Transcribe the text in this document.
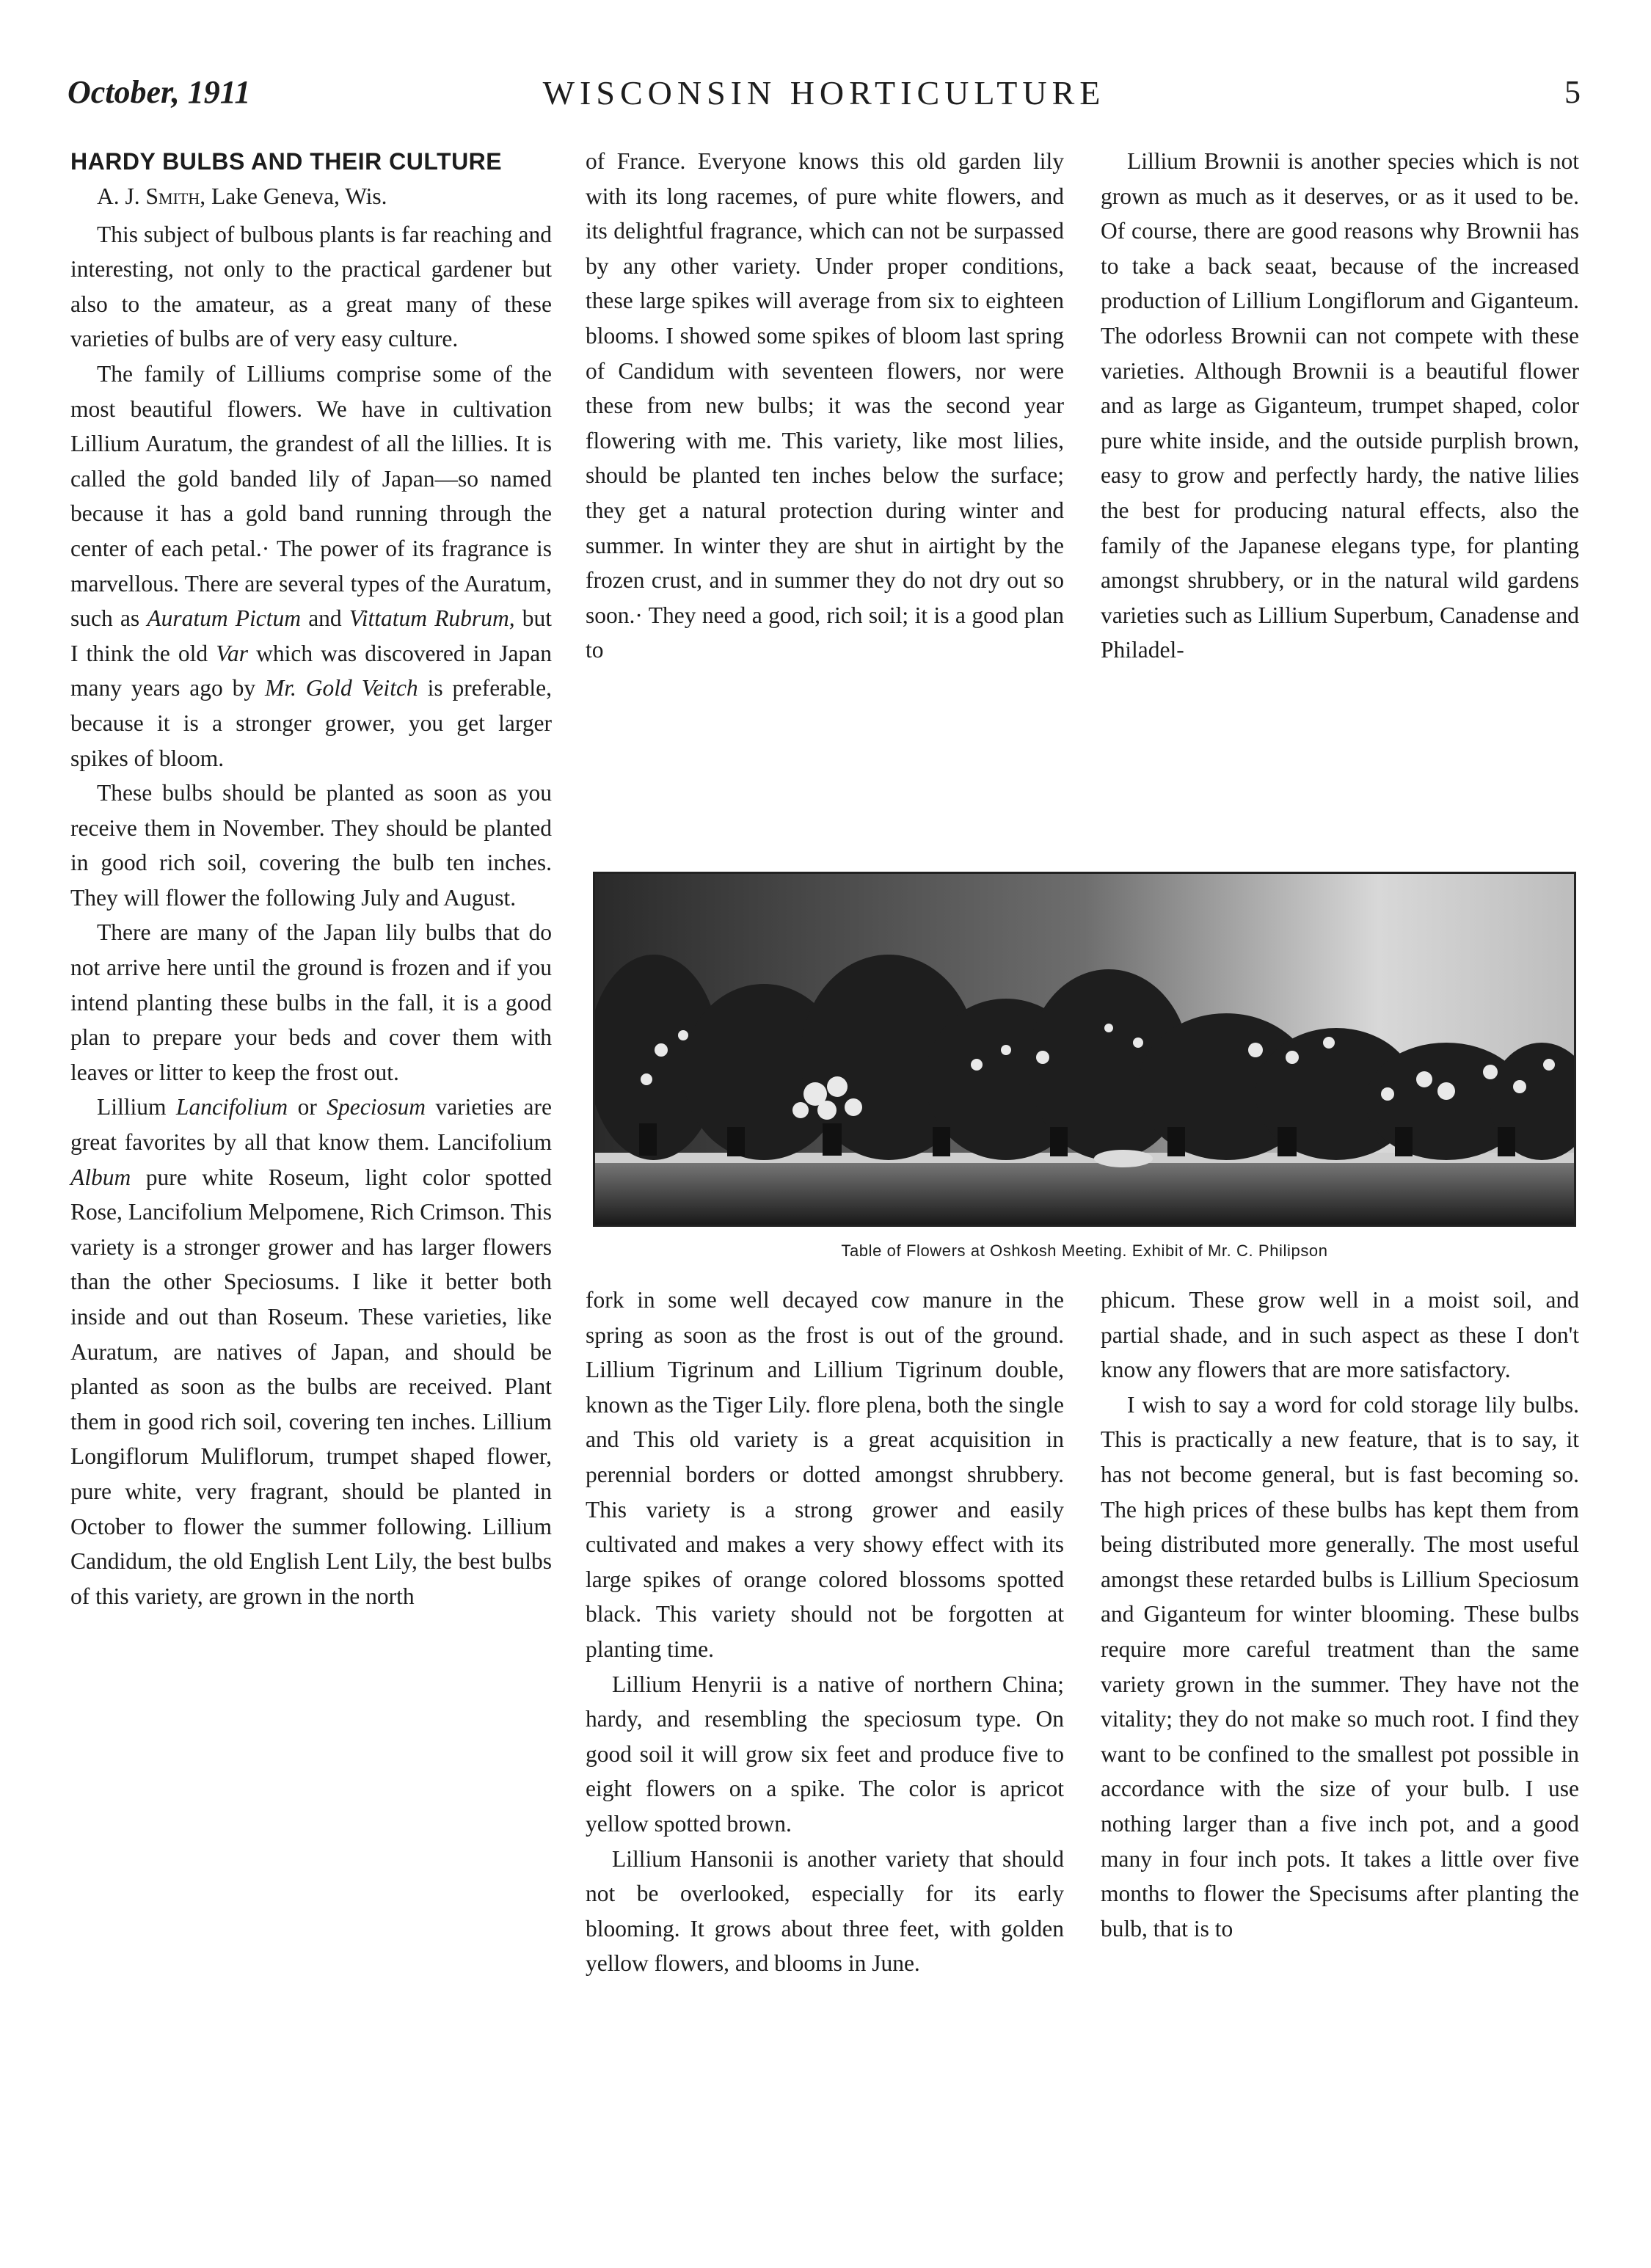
October, 1911	WISCONSIN HORTICULTURE	5
HARDY BULBS AND THEIR CULTURE

A. J. Smith, Lake Geneva, Wis.

This subject of bulbous plants is far reaching and interesting, not only to the practical gardener but also to the amateur, as a great many of these varieties of bulbs are of very easy culture.

The family of Lilliums comprise some of the most beautiful flowers. We have in cultivation Lillium Auratum, the grandest of all the lillies. It is called the gold banded lily of Japan—so named because it has a gold band running through the center of each petal.· The power of its fragrance is marvellous. There are several types of the Auratum, such as Auratum Pictum and Vittatum Rubrum, but I think the old Var which was discovered in Japan many years ago by Mr. Gold Veitch is preferable, because it is a stronger grower, you get larger spikes of bloom.

These bulbs should be planted as soon as you receive them in November. They should be planted in good rich soil, covering the bulb ten inches. They will flower the following July and August.

There are many of the Japan lily bulbs that do not arrive here until the ground is frozen and if you intend planting these bulbs in the fall, it is a good plan to prepare your beds and cover them with leaves or litter to keep the frost out.

Lillium Lancifolium or Speciosum varieties are great favorites by all that know them. Lancifolium Album pure white Roseum, light color spotted Rose, Lancifolium Melpomene, Rich Crimson. This variety is a stronger grower and has larger flowers than the other Speciosums. I like it better both inside and out than Roseum. These varieties, like Auratum, are natives of Japan, and should be planted as soon as the bulbs are received. Plant them in good rich soil, covering ten inches. Lillium Longiflorum Muliflorum, trumpet shaped flower, pure white, very fragrant, should be planted in October to flower the summer following. Lillium Candidum, the old English Lent Lily, the best bulbs of this variety, are grown in the north

of France. Everyone knows this old garden lily with its long racemes, of pure white flowers, and its delightful fragrance, which can not be surpassed by any other variety. Under proper conditions, these large spikes will average from six to eighteen blooms. I showed some spikes of bloom last spring of Candidum with seventeen flowers, nor were these from new bulbs; it was the second year flowering with me. This variety, like most lilies, should be planted ten inches below the surface; they get a natural protection during winter and summer. In winter they are shut in airtight by the frozen crust, and in summer they do not dry out so soon.· They need a good, rich soil; it is a good plan to

Lillium Brownii is another species which is not grown as much as it deserves, or as it used to be. Of course, there are good reasons why Brownii has to take a back seaat, because of the increased production of Lillium Longiflorum and Giganteum. The odorless Brownii can not compete with these varieties. Although Brownii is a beautiful flower and as large as Giganteum, trumpet shaped, color pure white inside, and the outside purplish brown, easy to grow and perfectly hardy, the native lilies the best for producing natural effects, also the family of the Japanese elegans type, for planting amongst shrubbery, or in the natural wild gardens varieties such as Lillium Superbum, Canadense and Philadel-

Table of Flowers at Oshkosh Meeting. Exhibit of Mr. C. Philipson

fork in some well decayed cow manure in the spring as soon as the frost is out of the ground. Lillium Tigrinum and Lillium Tigrinum double, known as the Tiger Lily. flore plena, both the single and This old variety is a great acquisition in perennial borders or dotted amongst shrubbery. This variety is a strong grower and easily cultivated and makes a very showy effect with its large spikes of orange colored blossoms spotted black. This variety should not be forgotten at planting time.

Lillium Henyrii is a native of northern China; hardy, and resembling the speciosum type. On good soil it will grow six feet and produce five to eight flowers on a spike. The color is apricot yellow spotted brown.

Lillium Hansonii is another variety that should not be overlooked, especially for its early blooming. It grows about three feet, with golden yellow flowers, and blooms in June.

phicum. These grow well in a moist soil, and partial shade, and in such aspect as these I don't know any flowers that are more satisfactory.

I wish to say a word for cold storage lily bulbs. This is practically a new feature, that is to say, it has not become general, but is fast becoming so. The high prices of these bulbs has kept them from being distributed more generally. The most useful amongst these retarded bulbs is Lillium Speciosum and Giganteum for winter blooming. These bulbs require more careful treatment than the same variety grown in the summer. They have not the vitality; they do not make so much root. I find they want to be confined to the smallest pot possible in accordance with the size of your bulb. I use nothing larger than a five inch pot, and a good many in four inch pots. It takes a little over five months to flower the Specisums after planting the bulb, that is to
